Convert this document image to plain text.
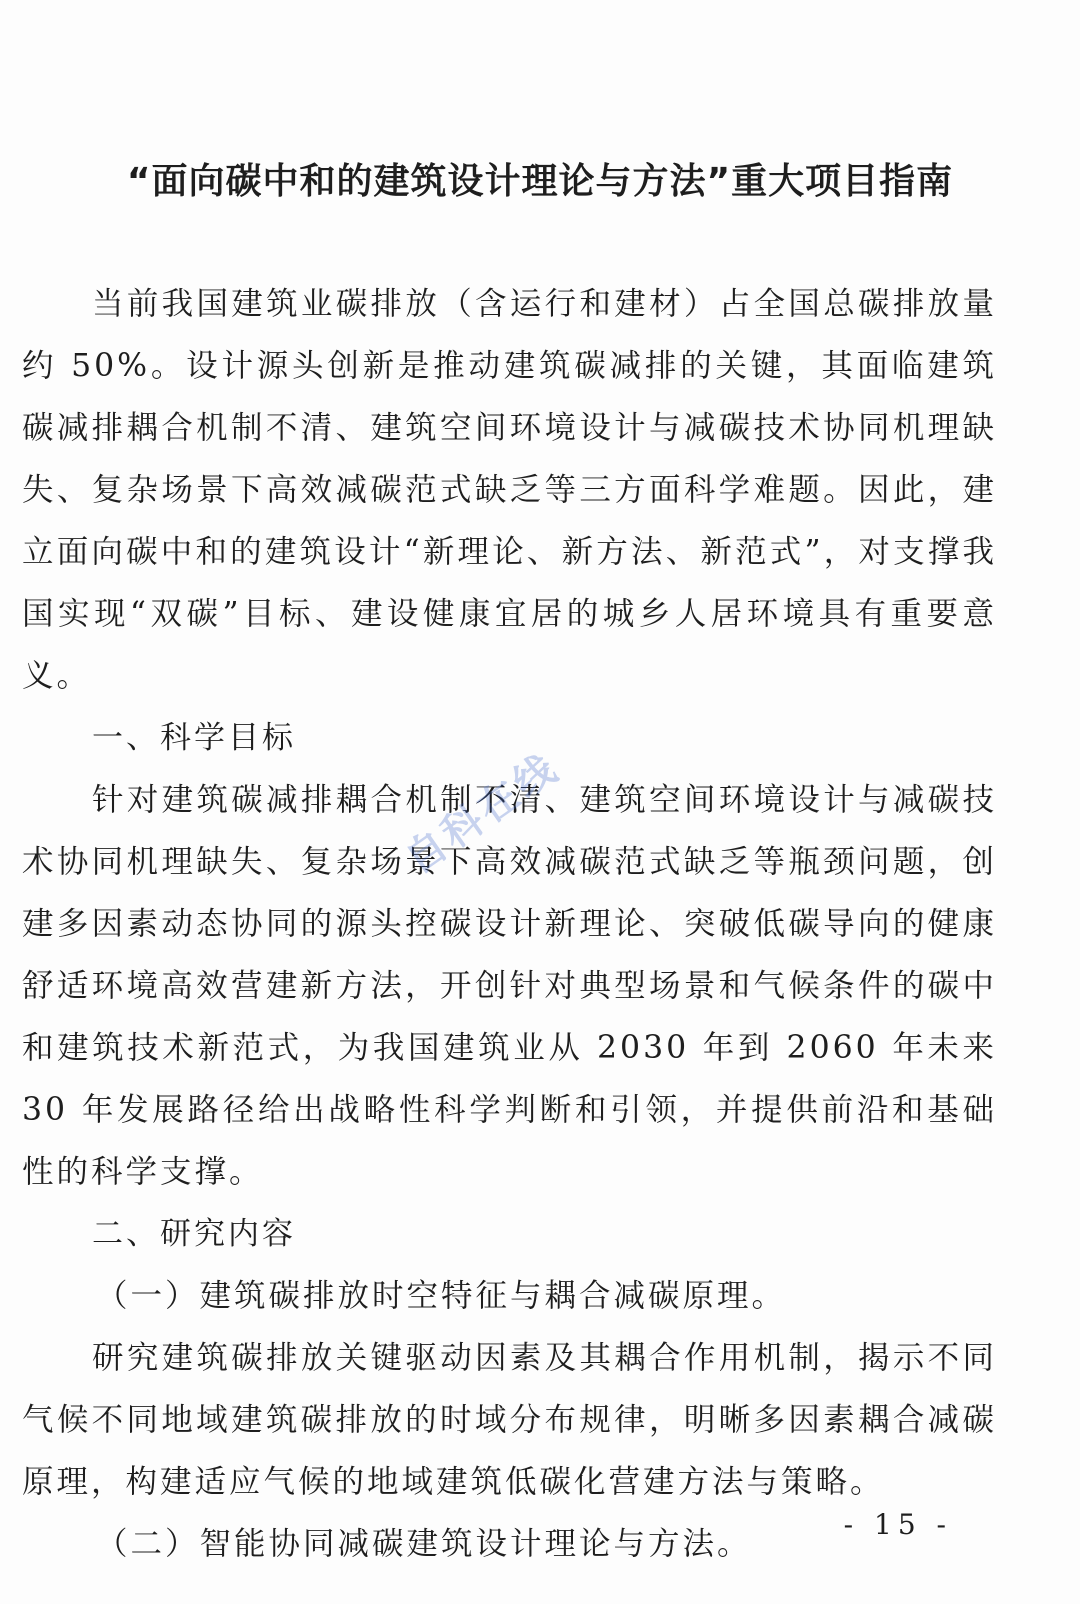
“面向碳中和的建筑设计理论与方法”重大项目指南

当前我国建筑业碳排放（含运行和建材）占全国总碳排放量约 50%。设计源头创新是推动建筑碳减排的关键，其面临建筑碳减排耦合机制不清、建筑空间环境设计与减碳技术协同机理缺失、复杂场景下高效减碳范式缺乏等三方面科学难题。因此，建立面向碳中和的建筑设计“新理论、新方法、新范式”，对支撑我国实现“双碳”目标、建设健康宜居的城乡人居环境具有重要意义。

一、科学目标

针对建筑碳减排耦合机制不清、建筑空间环境设计与减碳技术协同机理缺失、复杂场景下高效减碳范式缺乏等瓶颈问题，创建多因素动态协同的源头控碳设计新理论、突破低碳导向的健康舒适环境高效营建新方法，开创针对典型场景和气候条件的碳中和建筑技术新范式，为我国建筑业从 2030 年到 2060 年未来 30 年发展路径给出战略性科学判断和引领，并提供前沿和基础性的科学支撑。

二、研究内容

（一）建筑碳排放时空特征与耦合减碳原理。

研究建筑碳排放关键驱动因素及其耦合作用机制，揭示不同气候不同地域建筑碳排放的时域分布规律，明晰多因素耦合减碳原理，构建适应气候的地域建筑低碳化营建方法与策略。

（二）智能协同减碳建筑设计理论与方法。

自科在线
- 15 -
